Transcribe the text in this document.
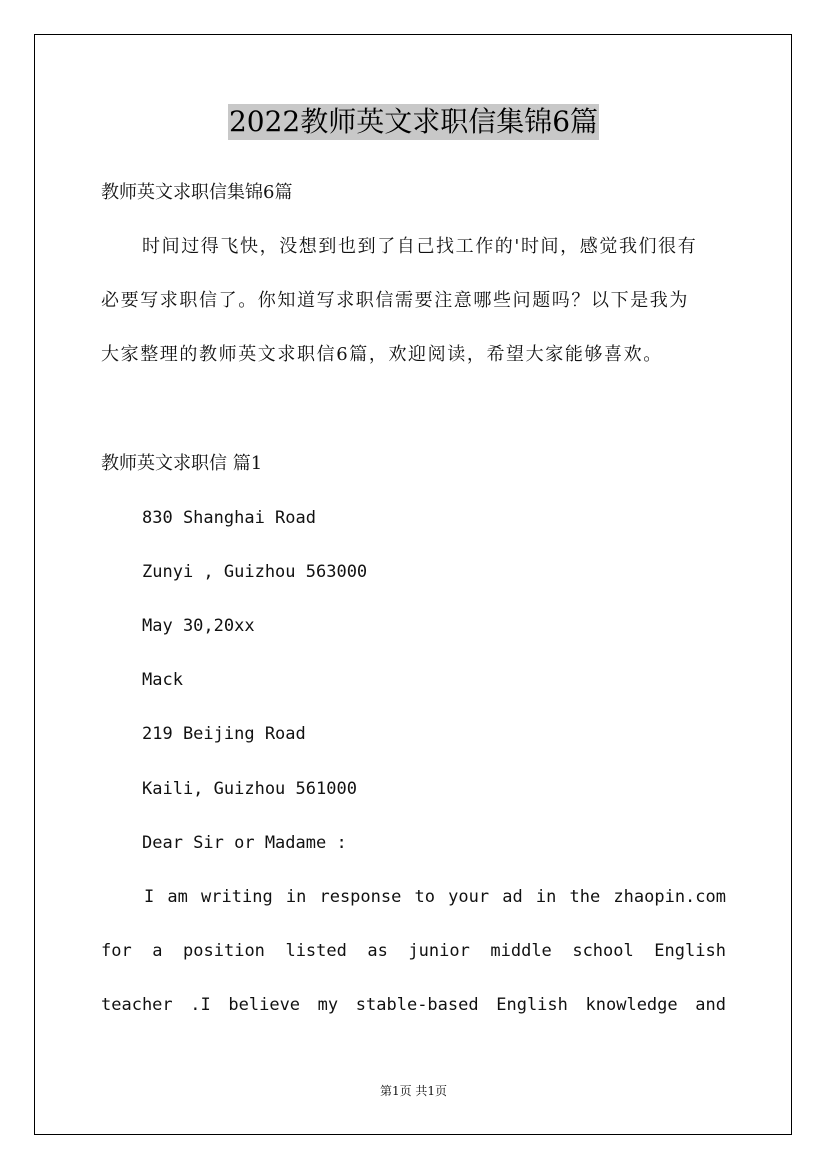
2022教师英文求职信集锦6篇
教师英文求职信集锦6篇
时间过得飞快，没想到也到了自己找工作的'时间，感觉我们很有
必要写求职信了。你知道写求职信需要注意哪些问题吗？以下是我为
大家整理的教师英文求职信6篇，欢迎阅读，希望大家能够喜欢。
教师英文求职信 篇1
830 Shanghai Road
Zunyi , Guizhou 563000
May 30,20xx
Mack
219 Beijing Road
Kaili, Guizhou 561000
Dear Sir or Madame :
I am writing in response to your ad in the zhaopin.com
for a position listed as junior middle school English
teacher .I believe my stable-based English knowledge and
第1页 共1页
